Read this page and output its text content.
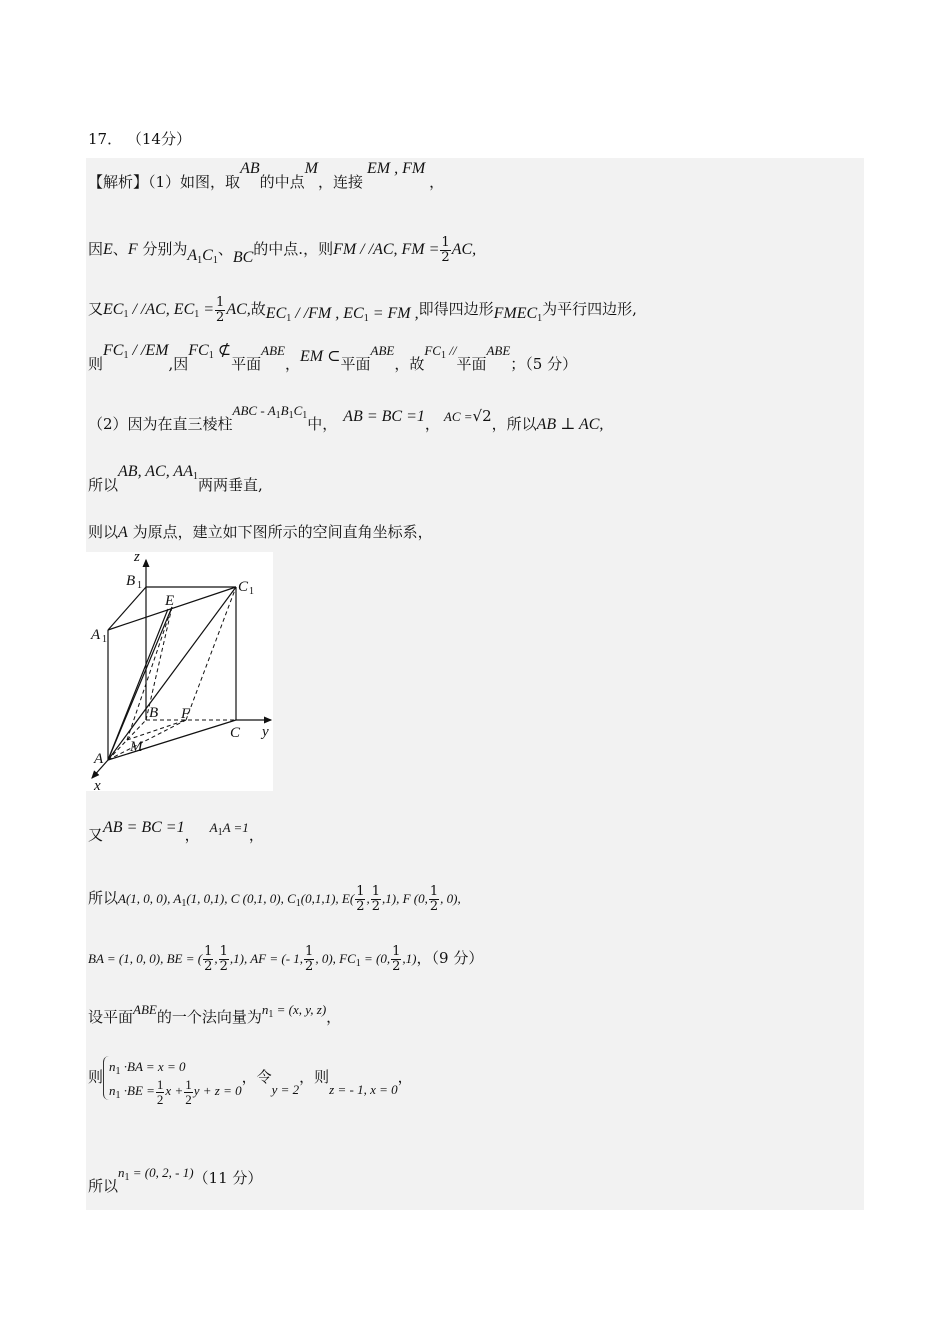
17． （14分）
【解析】（1）如图，取AB的中点M，连接EM , FM，
因E、F 分别为$A_1C_1$、BC的中点.，则FM / /AC, FM = $\frac{1}{2}$ AC,
又$EC_1 / /AC$, $EC_1 = \frac{1}{2}$ AC,故$EC_1 / /FM$ , $EC_1$ = FM ,即得四边形$FMEC_1$为平行四边形,
则$FC_1 / /EM$,因$FC_1$ ⊄平面ABE，EM ⊂平面ABE，故$FC_1$ //平面ABE；（5 分）
（2）因为在直三棱柱ABC - $A_1B_1C_1$中， AB = BC =1， AC =√2，所以AB ⊥ AC,
所以AB, AC, $AA_1$两两垂直,
则以A 为原点，建立如下图所示的空间直角坐标系，
z
y
x
B 1	C 1
E
A 1
B F
C
M
A
又AB = BC =1， $A_1A =1$，
所以A(1, 0, 0), $A_1(1$, 0,1), C (0,1, 0), $C_1(0,1,1)$, $E( \frac{1}{2}$ , $\frac{1}{2} ,1$), F (0, $\frac{1}{2}$ , 0),
BA = (1, 0, 0), BE = ( $\frac{1}{2}$ , $\frac{1}{2} ,1$), AF = (- 1, $\frac{1}{2}$ , 0), $FC_1 = (0$, $\frac{1}{2} ,1$)，（9 分）
设平面ABE的一个法向量为$n_1 = (x$, y, z)，
则
$n_1 \cdot BA = x = 0$
$n_1 \cdot BE = \frac{1}{2}$ $x + \frac{1}{2}$ y + z = 0
，令y = 2，则z = - 1, x = 0，
所以$n_1 = (0$, 2, - 1)（11 分）
